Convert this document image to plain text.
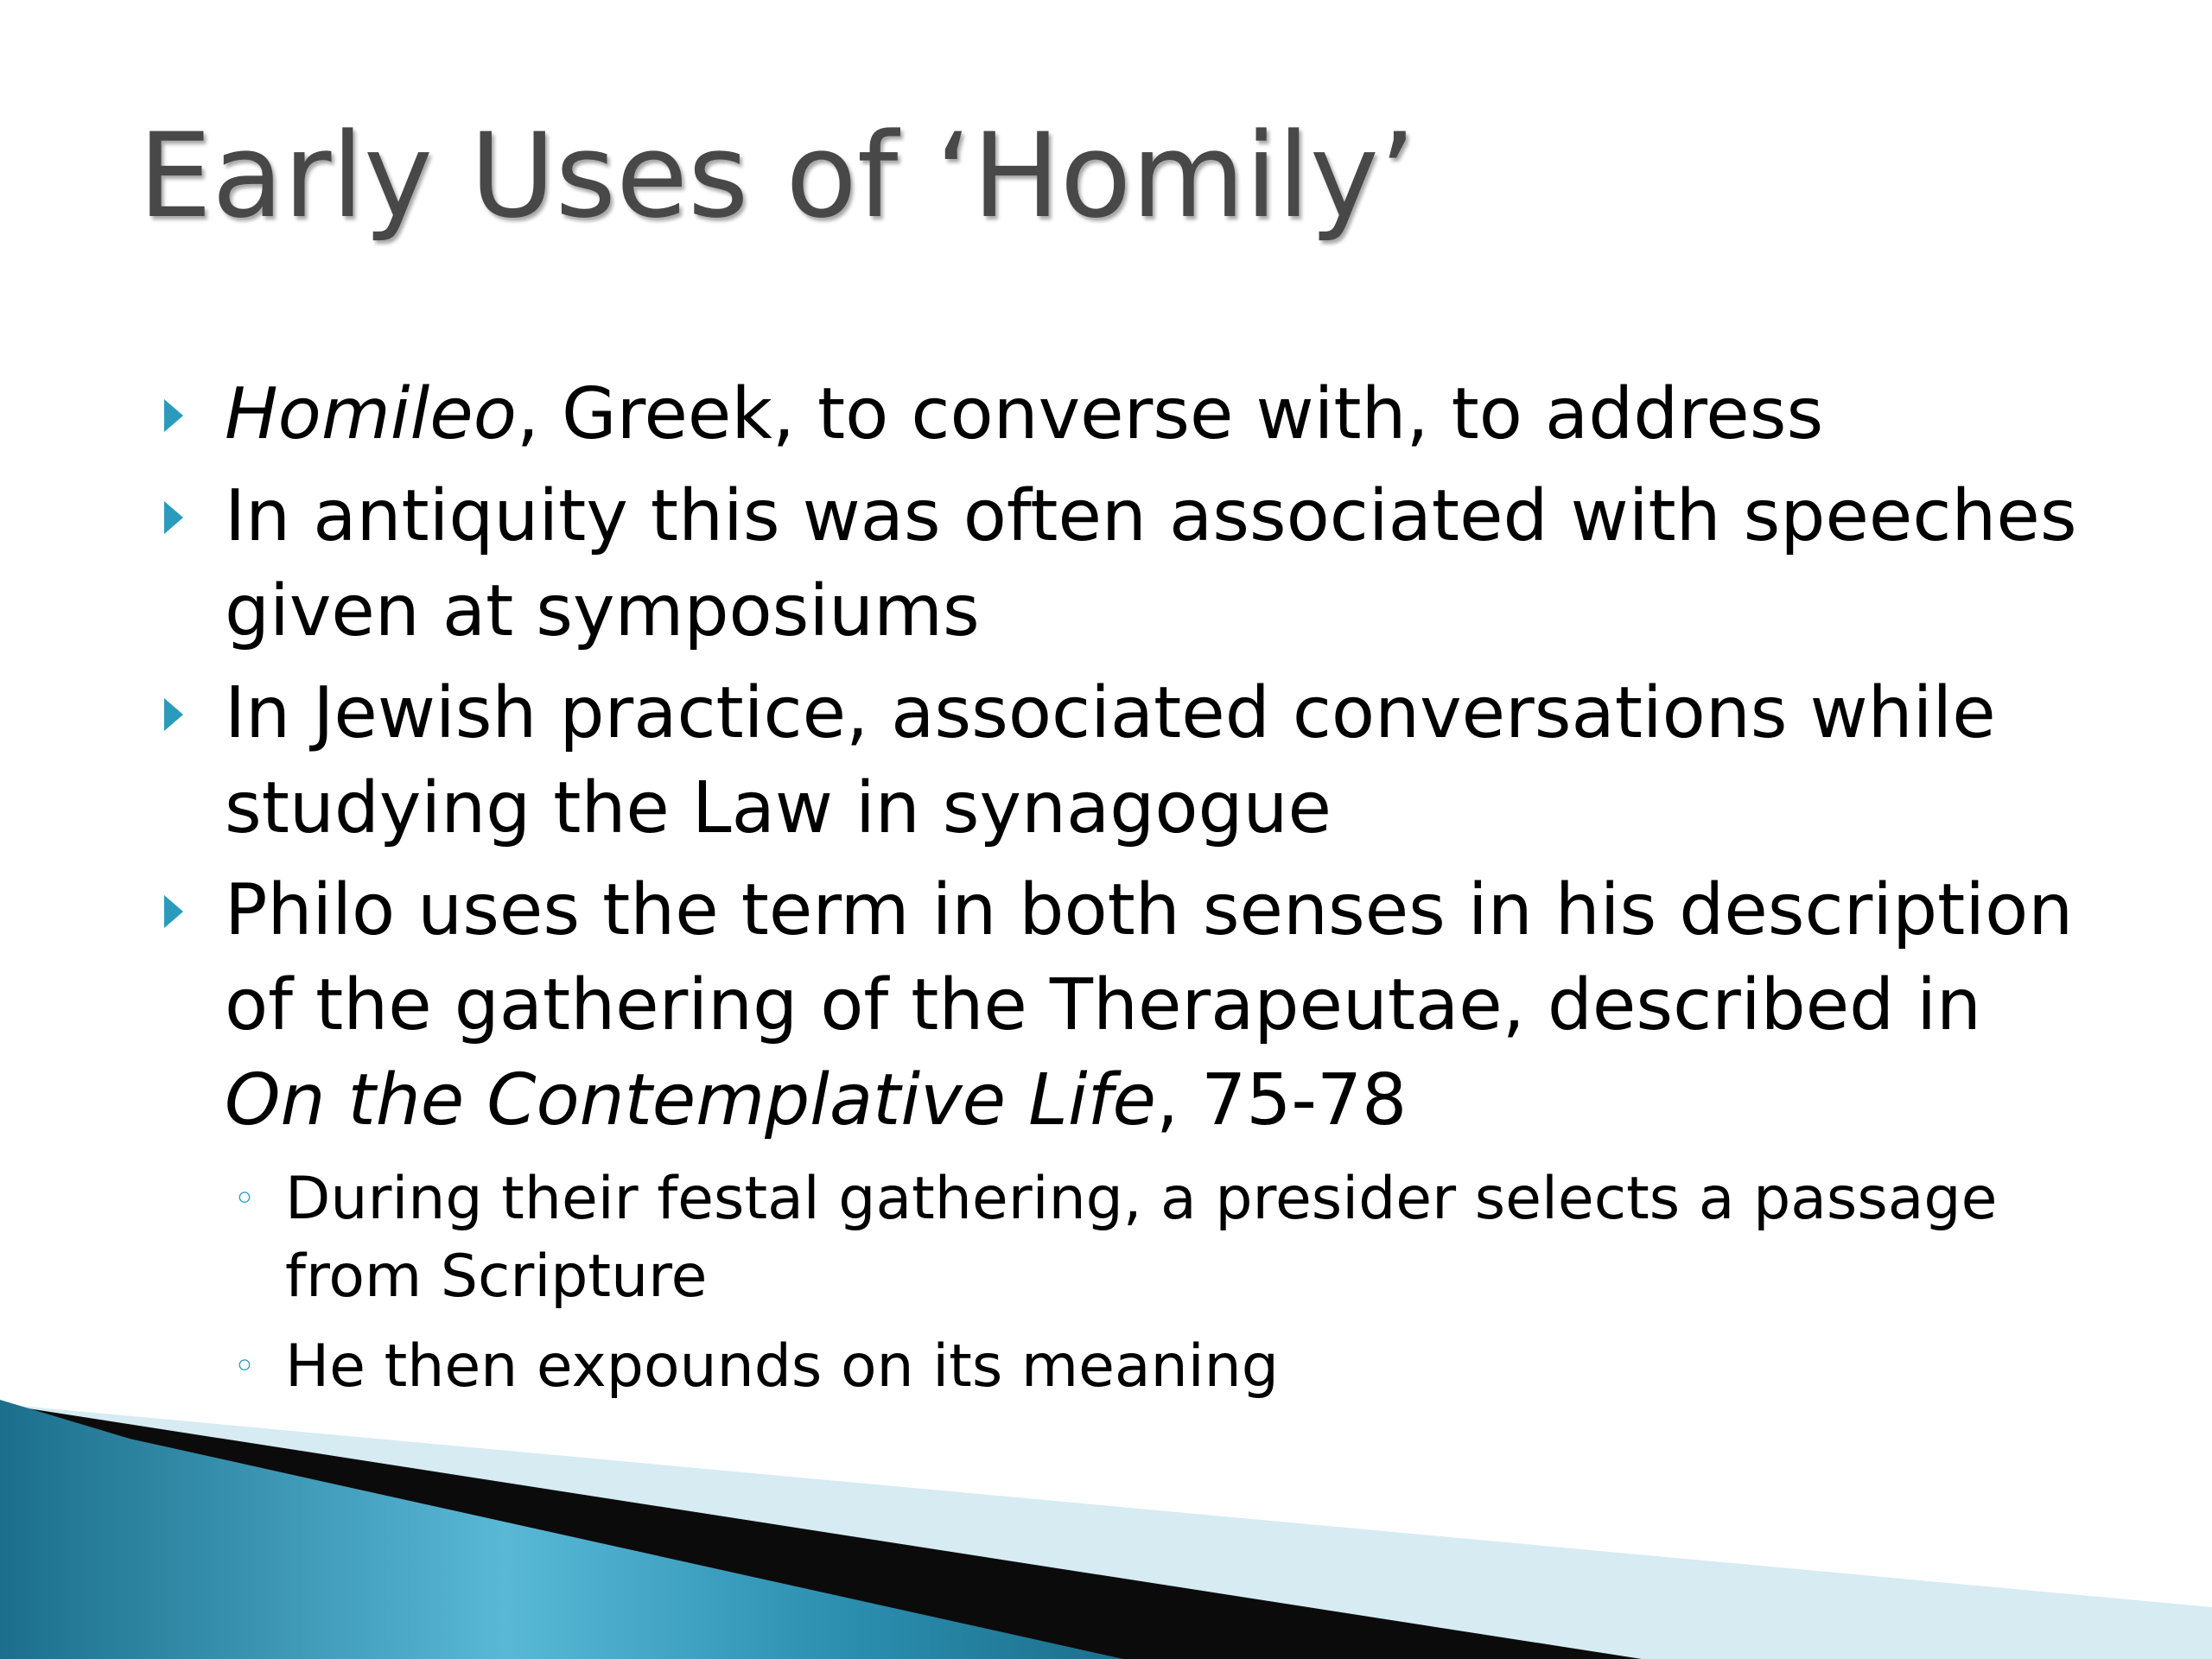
Early Uses of ‘Homily’
Homileo, Greek, to converse with, to address
In antiquity this was often associated with speeches given at symposiums
In Jewish practice, associated conversations while studying the Law in synagogue
Philo uses the term in both senses in his description of the gathering of the Therapeutae, described in On the Contemplative Life, 75-78
◦ During their festal gathering, a presider selects a passage from Scripture
◦ He then expounds on its meaning
